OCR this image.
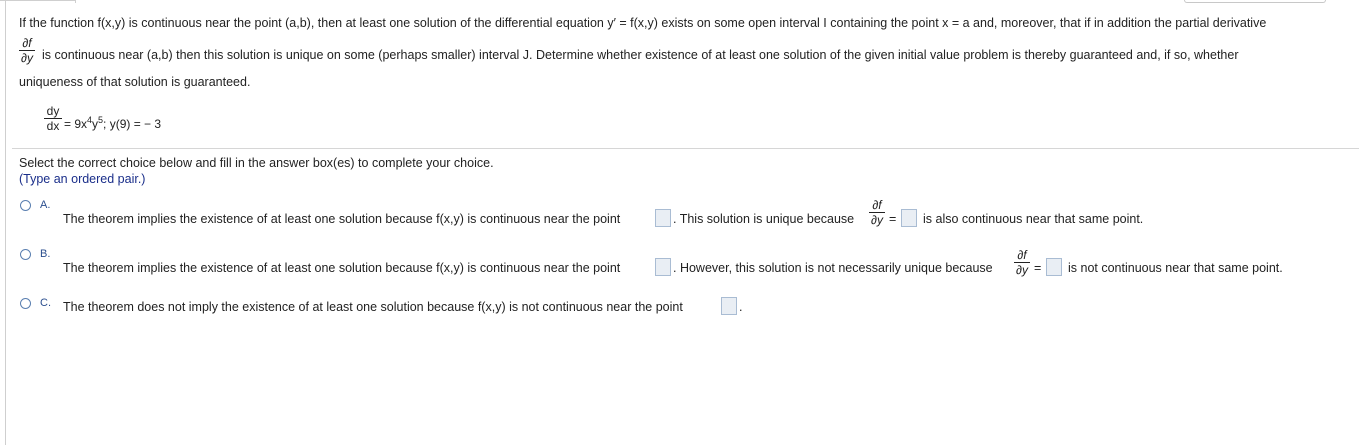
If the function f(x,y) is continuous near the point (a,b), then at least one solution of the differential equation y′ = f(x,y) exists on some open interval I containing the point x = a and, moreover, that if in addition the partial derivative
∂f
∂y is continuous near (a,b) then this solution is unique on some (perhaps smaller) interval J. Determine whether existence of at least one solution of the given initial value problem is thereby guaranteed and, if so, whether
uniqueness of that solution is guaranteed.
dy
dx = $9x^4y^5$; y(9) = − 3
Select the correct choice below and fill in the answer box(es) to complete your choice.
(Type an ordered pair.)
A.
The theorem implies the existence of at least one solution because f(x,y) is continuous near the point	. This solution is unique because
∂f
∂y = is also continuous near that same point.
B.
The theorem implies the existence of at least one solution because f(x,y) is continuous near the point	. However, this solution is not necessarily unique because
∂f
∂y = is not continuous near that same point.
C. The theorem does not imply the existence of at least one solution because f(x,y) is not continuous near the point	.
